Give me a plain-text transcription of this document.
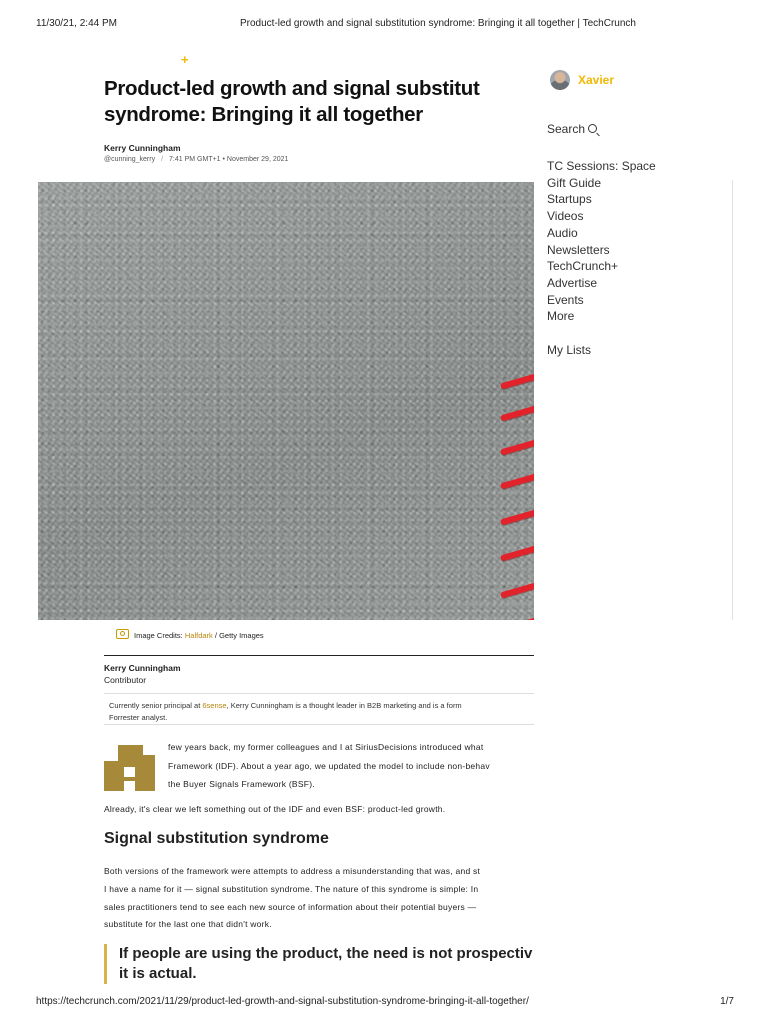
11/30/21, 2:44 PM	Product-led growth and signal substitution syndrome: Bringing it all together | TechCrunch
+
Product-led growth and signal substitut
syndrome: Bringing it all together
Kerry Cunningham
@cunning_kerry / 7:41 PM GMT+1 • November 29, 2021
Image Credits: Halfdark / Getty Images
Kerry Cunningham
Contributor

Currently senior principal at 6sense, Kerry Cunningham is a thought leader in B2B marketing and is a form

Forrester analyst.

few years back, my former colleagues and I at SiriusDecisions introduced what
Framework (IDF). About a year ago, we updated the model to include non-behav
the Buyer Signals Framework (BSF).
Already, it's clear we left something out of the IDF and even BSF: product-led growth.
Signal substitution syndrome
Both versions of the framework were attempts to address a misunderstanding that was, and st
I have a name for it — signal substitution syndrome. The nature of this syndrome is simple: In
sales practitioners tend to see each new source of information about their potential buyers —
substitute for the last one that didn't work.
If people are using the product, the need is not prospectiv
it is actual.
Xavier
Search
TC Sessions: Space
Gift Guide
Startups
Videos
Audio
Newsletters
TechCrunch+
Advertise
Events
More
My Lists
https://techcrunch.com/2021/11/29/product-led-growth-and-signal-substitution-syndrome-bringing-it-all-together/	1/7
